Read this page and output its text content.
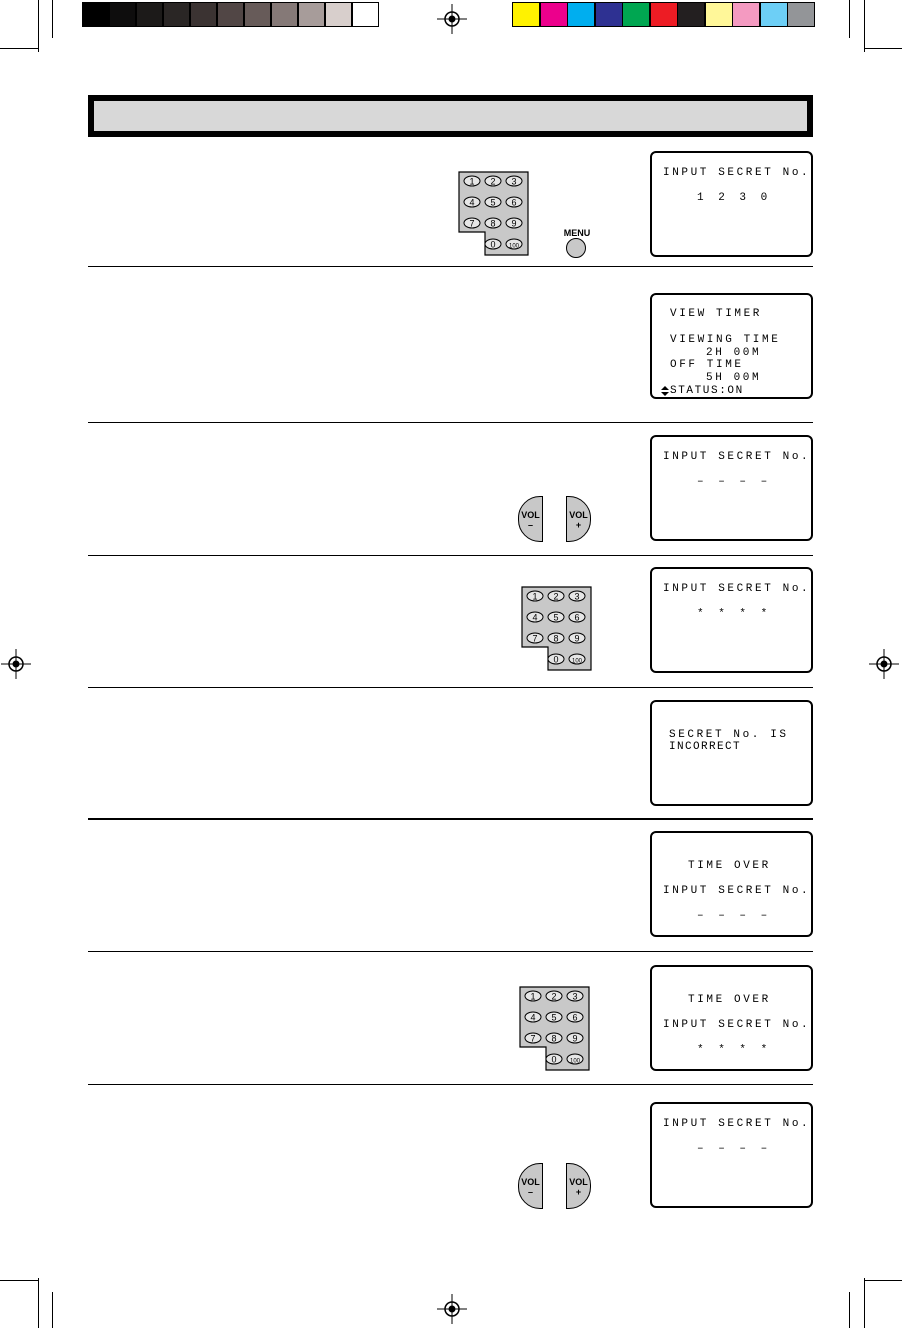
INPUT SECRET No.
1 2 3 0
VIEW TIMER
VIEWING TIME
2H 00M
OFF TIME
5H 00M
STATUS:ON
INPUT SECRET No.
– – – –
INPUT SECRET No.
* * * *
SECRET No. IS
INCORRECT
TIME OVER
INPUT SECRET No.
– – – –
TIME OVER
INPUT SECRET No.
* * * *
INPUT SECRET No.
– – – –
1 2 3
4 5 6
7 8 9
0 100
1 2 3
4 5 6
7 8 9
0 100
1 2 3
4 5 6
7 8 9
0 100
MENU
VOL
–
VOL
+
VOL
–
VOL
+
